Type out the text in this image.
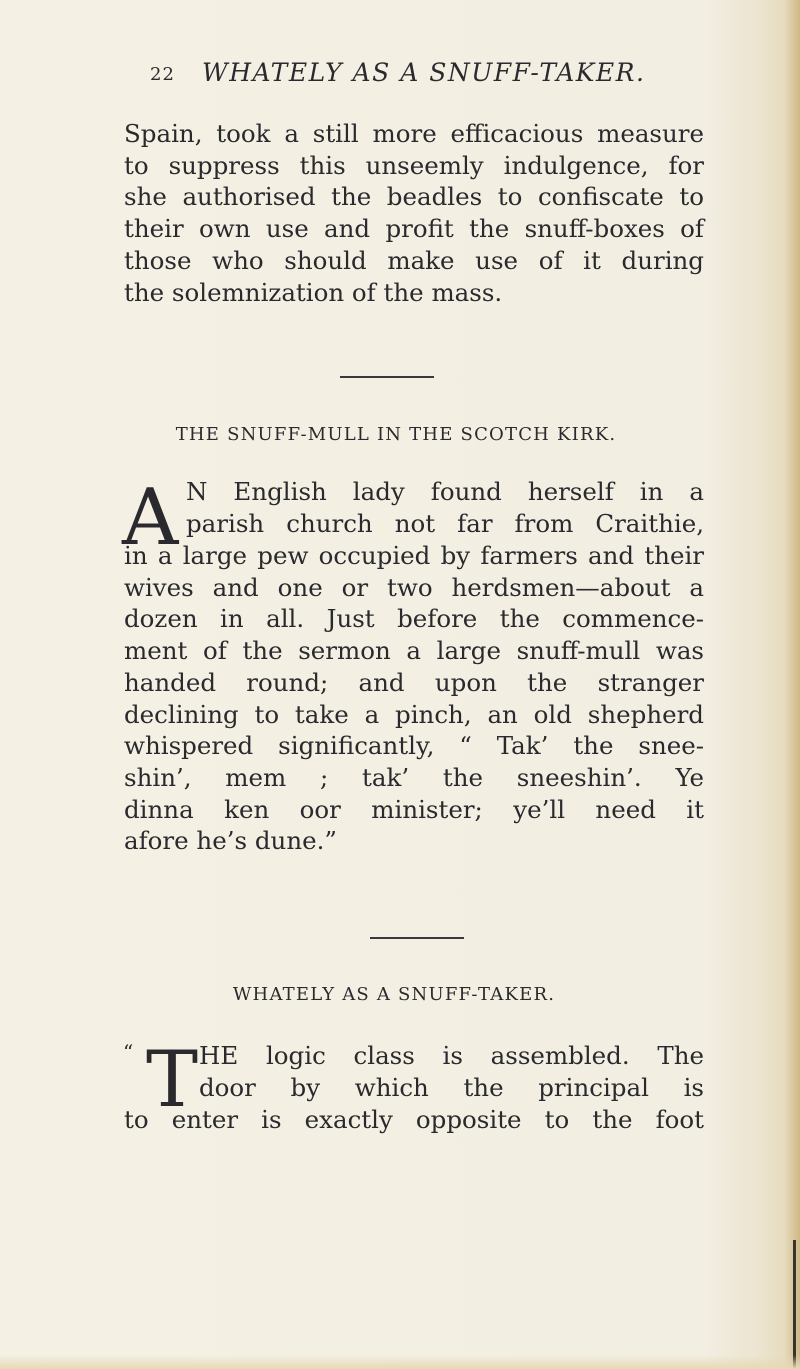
22 WHATELY AS A SNUFF-TAKER.
Spain, took a still more efficacious measure
to suppress this unseemly indulgence, for
she authorised the beadles to confiscate to
their own use and profit the snuff-boxes of
those who should make use of it during
the solemnization of the mass.
THE SNUFF-MULL IN THE SCOTCH KIRK.
A N English lady found herself in a
parish church not far from Craithie,
in a large pew occupied by farmers and their
wives and one or two herdsmen—about a
dozen in all. Just before the commence-
ment of the sermon a large snuff-mull was
handed round; and upon the stranger
declining to take a pinch, an old shepherd
whispered significantly, “ Tak’ the snee-
shin’, mem ; tak’ the sneeshin’. Ye
dinna ken oor minister; ye’ll need it
afore he’s dune.”
WHATELY AS A SNUFF-TAKER.
“ T HE logic class is assembled. The
door by which the principal is
to enter is exactly opposite to the foot
